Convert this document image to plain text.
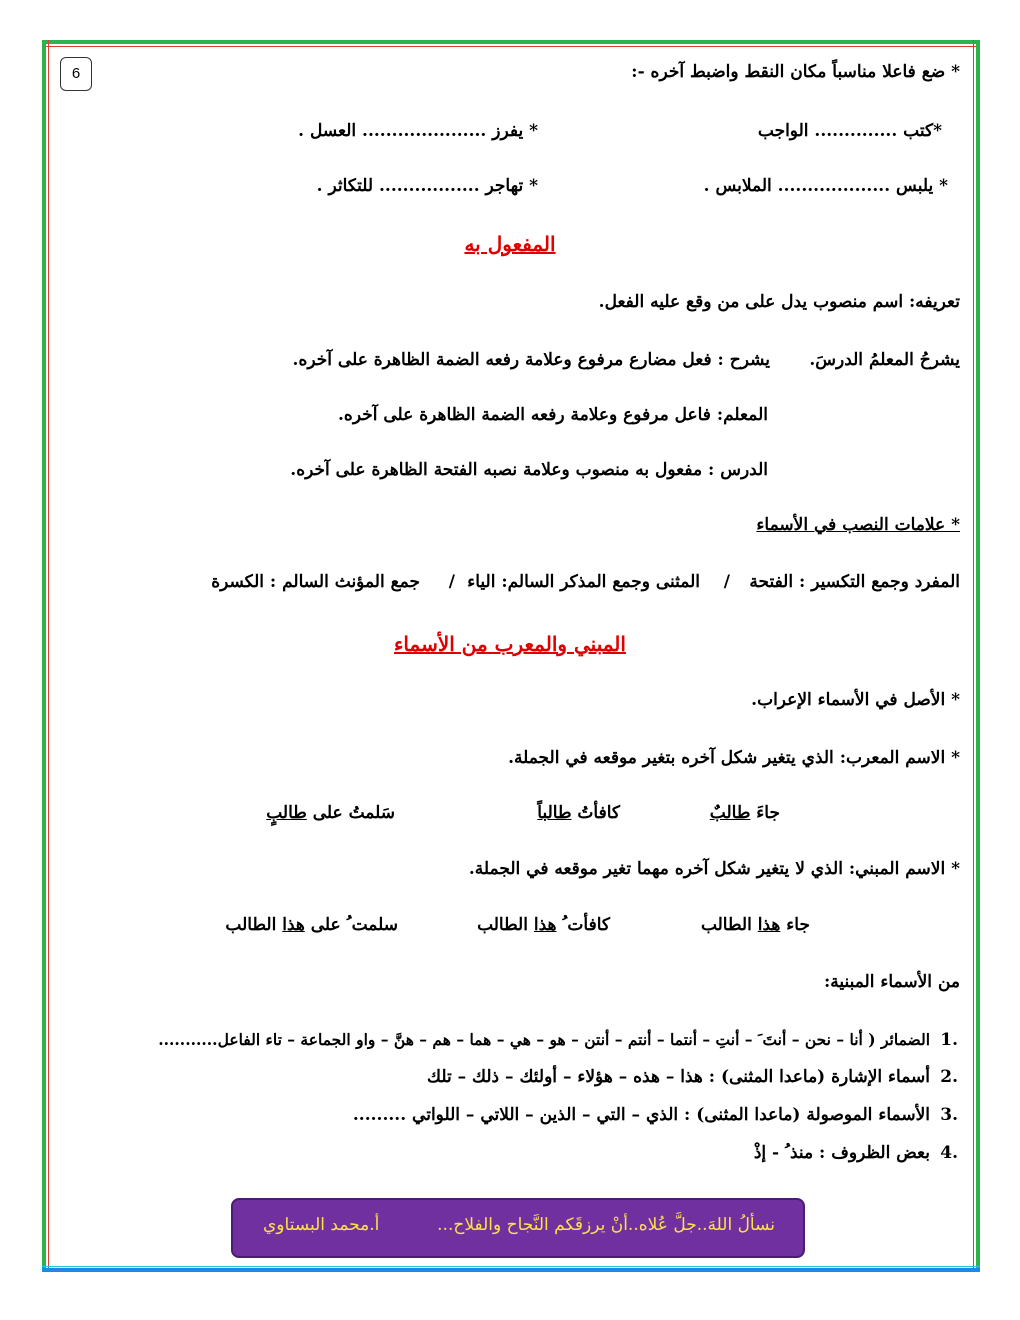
6	* ضع فاعلا مناسباً مكان النقط واضبط آخره -:
*كتب .............. الواجب
* يفرز ..................... العسل .
* يلبس ................... الملابس .
* تهاجر ................. للتكاثر .
المفعول به
تعريفه: اسم منصوب يدل على من وقع عليه الفعل.
يشرحُ المعلمُ الدرسَ.
يشرح : فعل مضارع مرفوع وعلامة رفعه الضمة الظاهرة على آخره.
المعلم: فاعل مرفوع وعلامة رفعه الضمة الظاهرة على آخره.
الدرس : مفعول به منصوب وعلامة نصبه الفتحة الظاهرة على آخره.
* علامات النصب في الأسماء
المفرد وجمع التكسير : الفتحة
/
المثنى وجمع المذكر السالم: الياء
/
جمع المؤنث السالم : الكسرة
المبني والمعرب من الأسماء
* الأصل في الأسماء الإعراب.
* الاسم المعرب: الذي يتغير شكل آخره بتغير موقعه في الجملة.
جاءَ طالبٌ
كافأتُ طالباً
سَلمتُ على طالبٍ
* الاسم المبني: الذي لا يتغير شكل آخره مهما تغير موقعه في الجملة.
جاء هذا الطالب
كافأت ُ هذا الطالب
سلمت ُ على هذا الطالب
من الأسماء المبنية:
.1
الضمائر ( أنا – نحن – أنتَ َ – أنتِ – أنتما – أنتم – أنتن – هو – هي – هما – هم – هنَّ – واو الجماعة – تاء الفاعل...........
.2
أسماء الإشارة (ماعدا المثنى) : هذا – هذه – هؤلاء – أولئك – ذلك – تلك
.3
الأسماء الموصولة (ماعدا المثنى) : الذي – التي – الذين – اللاتي – اللواتي .........
.4
بعض الظروف : منذ ُ - إذْ
نسألُ اللهَ..جلَّ عُلاه..أنْ يرزقَكم النَّجاح والفلاح...
أ.محمد البستاوي
